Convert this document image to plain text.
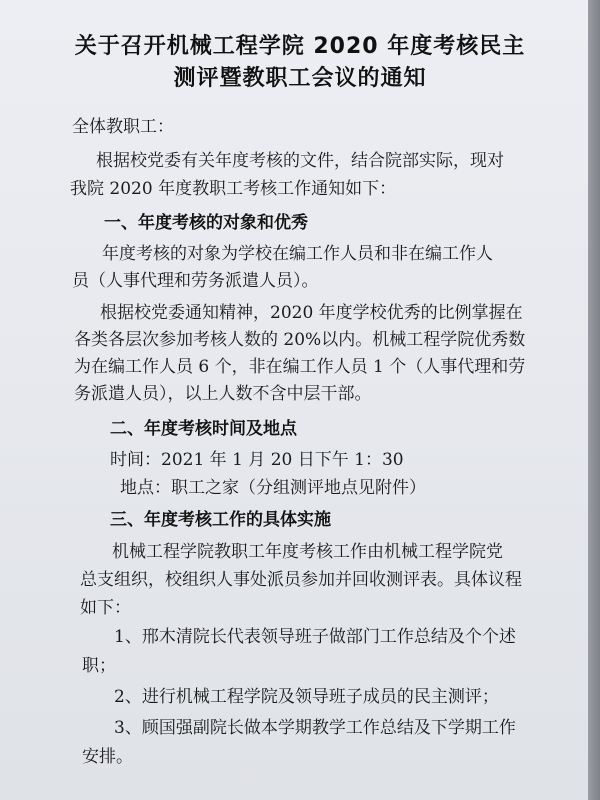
关于召开机械工程学院 2020 年度考核民主
测评暨教职工会议的通知
全体教职工：
根据校党委有关年度考核的文件，结合院部实际，现对
我院 2020 年度教职工考核工作通知如下：
一、年度考核的对象和优秀
年度考核的对象为学校在编工作人员和非在编工作人
员（人事代理和劳务派遣人员）。
根据校党委通知精神，2020 年度学校优秀的比例掌握在
各类各层次参加考核人数的 20%以内。机械工程学院优秀数
为在编工作人员 6 个，非在编工作人员 1 个（人事代理和劳
务派遣人员），以上人数不含中层干部。
二、年度考核时间及地点
时间：2021 年 1 月 20 日下午 1：30
地点：职工之家（分组测评地点见附件）
三、年度考核工作的具体实施
机械工程学院教职工年度考核工作由机械工程学院党
总支组织，校组织人事处派员参加并回收测评表。具体议程
如下：
1、邢木清院长代表领导班子做部门工作总结及个个述
职；
2、进行机械工程学院及领导班子成员的民主测评；
3、顾国强副院长做本学期教学工作总结及下学期工作
安排。
